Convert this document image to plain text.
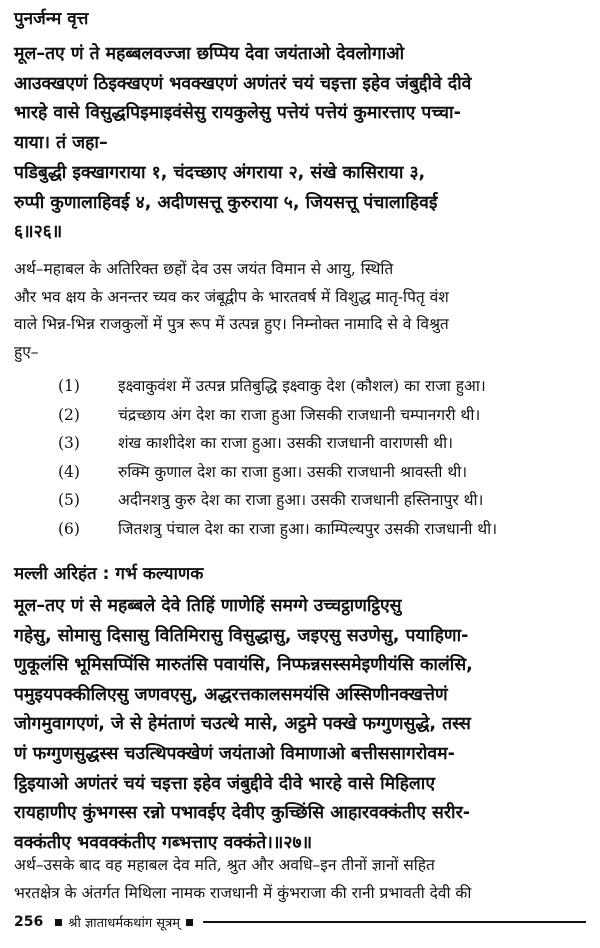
पुनर्जन्म वृत्त
मूल–तए णं ते महब्बलवज्जा छप्पिय देवा जयंताओ देवलोगाओ
आउक्खएणं ठिइक्खएणं भवक्खएणं अणंतरं चयं चइत्ता इहेव जंबुद्दीवे दीवे
भारहे वासे विसुद्धपिइमाइवंसेसु रायकुलेसु पत्तेयं पत्तेयं कुमारत्ताए पच्चा-
याया। तं जहा–
पडिबुद्धी इक्खागराया १, चंदच्छाए अंगराया २, संखे कासिराया ३,
रुप्पी कुणालाहिवई ४, अदीणसत्तू कुरुराया ५, जियसत्तू पंचालाहिवई
६॥२६॥
अर्थ–महाबल के अतिरिक्त छहों देव उस जयंत विमान से आयु, स्थिति
और भव क्षय के अनन्तर च्यव कर जंबूद्वीप के भारतवर्ष में विशुद्ध मातृ-पितृ वंश
वाले भिन्न-भिन्न राजकुलों में पुत्र रूप में उत्पन्न हुए। निम्नोक्त नामादि से वे विश्रुत
हुए–
(1)	इक्ष्वाकुवंश में उत्पन्न प्रतिबुद्धि इक्ष्वाकु देश (कौशल) का राजा हुआ।
(2)	चंद्रच्छाय अंग देश का राजा हुआ जिसकी राजधानी चम्पानगरी थी।
(3)	शंख काशीदेश का राजा हुआ। उसकी राजधानी वाराणसी थी।
(4)	रुक्मि कुणाल देश का राजा हुआ। उसकी राजधानी श्रावस्ती थी।
(5)	अदीनशत्रु कुरु देश का राजा हुआ। उसकी राजधानी हस्तिनापुर थी।
(6)	जितशत्रु पंचाल देश का राजा हुआ। काम्पिल्यपुर उसकी राजधानी थी।
मल्ली अरिहंत : गर्भ कल्याणक
मूल–तए णं से महब्बले देवे तिहिं णाणेहिं समग्गे उच्चट्ठाणट्ठिएसु
गहेसु, सोमासु दिसासु वितिमिरासु विसुद्धासु, जइएसु सउणेसु, पयाहिणा-
णुकूलंसि भूमिसप्पिंसि मारुतंसि पवायंसि, निप्फन्नसस्समेइणीयंसि कालंसि,
पमुइयपक्कीलिएसु जणवएसु, अद्धरत्तकालसमयंसि अस्सिणीनक्खत्तेणं
जोगमुवागएणं, जे से हेमंताणं चउत्थे मासे, अट्ठमे पक्खे फग्गुणसुद्धे, तस्स
णं फग्गुणसुद्धस्स चउत्थिपक्खेणं जयंताओ विमाणाओ बत्तीससागरोवम-
ट्ठिइयाओ अणंतरं चयं चइत्ता इहेव जंबुद्दीवे दीवे भारहे वासे मिहिलाए
रायहाणीए कुंभगस्स रन्नो पभावईए देवीए कुच्छिंसि आहारवक्कंतीए सरीर-
वक्कंतीए भववक्कंतीए गब्भत्ताए वक्कंते।॥२७॥
अर्थ–उसके बाद वह महाबल देव मति, श्रुत और अवधि–इन तीनों ज्ञानों सहित
भरतक्षेत्र के अंतर्गत मिथिला नामक राजधानी में कुंभराजा की रानी प्रभावती देवी की
256 श्री ज्ञाताधर्मकथांग सूत्रम्
